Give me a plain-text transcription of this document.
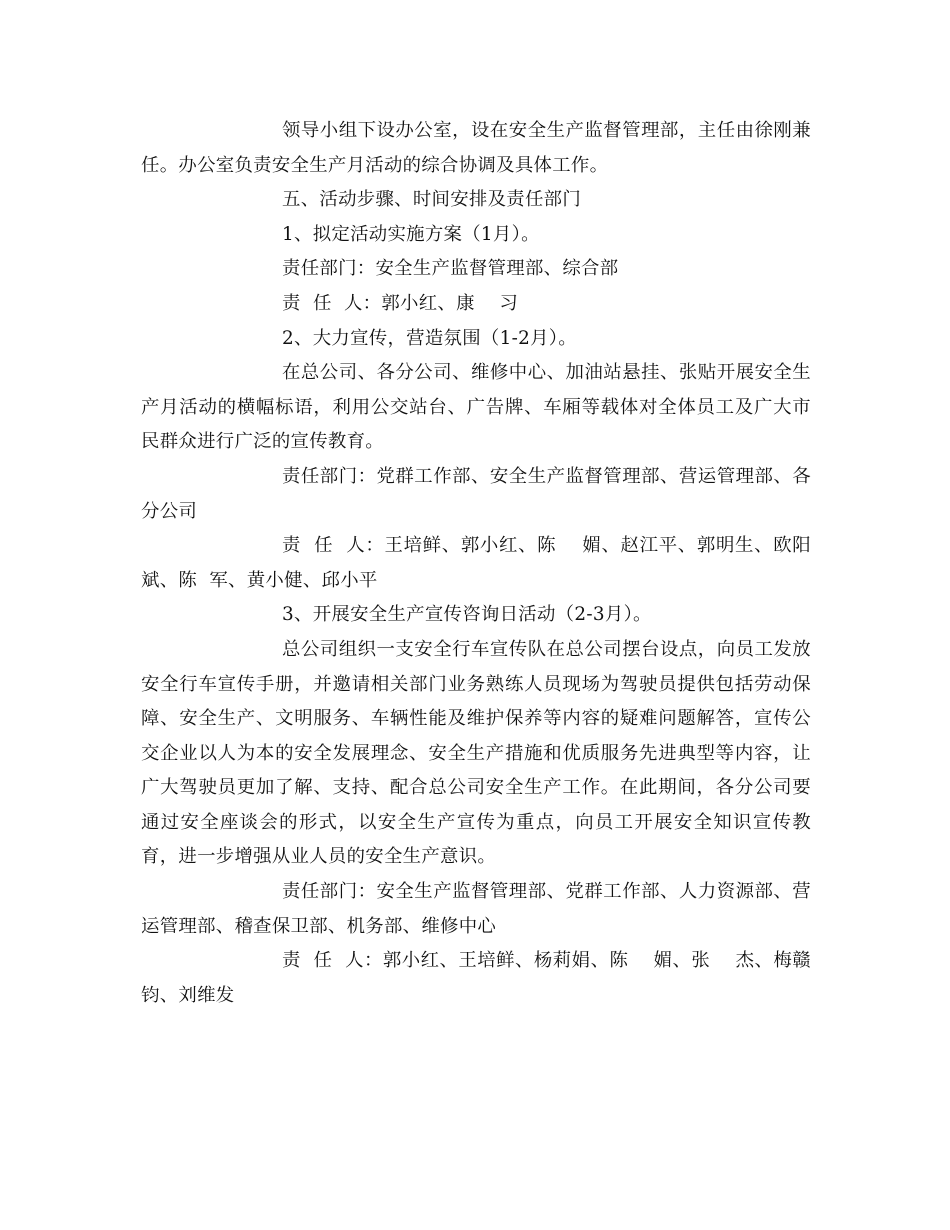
领导小组下设办公室，设在安全生产监督管理部，主任由徐刚兼任。办公室负责安全生产月活动的综合协调及具体工作。

五、活动步骤、时间安排及责任部门

1、拟定活动实施方案（1月）。

责任部门：安全生产监督管理部、综合部

责  任  人：郭小红、康    习

2、大力宣传，营造氛围（1-2月）。

在总公司、各分公司、维修中心、加油站悬挂、张贴开展安全生产月活动的横幅标语，利用公交站台、广告牌、车厢等载体对全体员工及广大市民群众进行广泛的宣传教育。

责任部门：党群工作部、安全生产监督管理部、营运管理部、各分公司

责  任  人：王培鲜、郭小红、陈    媚、赵江平、郭明生、欧阳斌、陈  军、黄小健、邱小平

3、开展安全生产宣传咨询日活动（2-3月）。

总公司组织一支安全行车宣传队在总公司摆台设点，向员工发放安全行车宣传手册，并邀请相关部门业务熟练人员现场为驾驶员提供包括劳动保障、安全生产、文明服务、车辆性能及维护保养等内容的疑难问题解答，宣传公交企业以人为本的安全发展理念、安全生产措施和优质服务先进典型等内容，让广大驾驶员更加了解、支持、配合总公司安全生产工作。在此期间，各分公司要通过安全座谈会的形式，以安全生产宣传为重点，向员工开展安全知识宣传教育，进一步增强从业人员的安全生产意识。

责任部门：安全生产监督管理部、党群工作部、人力资源部、营运管理部、稽查保卫部、机务部、维修中心

责  任  人：郭小红、王培鲜、杨莉娟、陈    媚、张    杰、梅赣钧、刘维发
